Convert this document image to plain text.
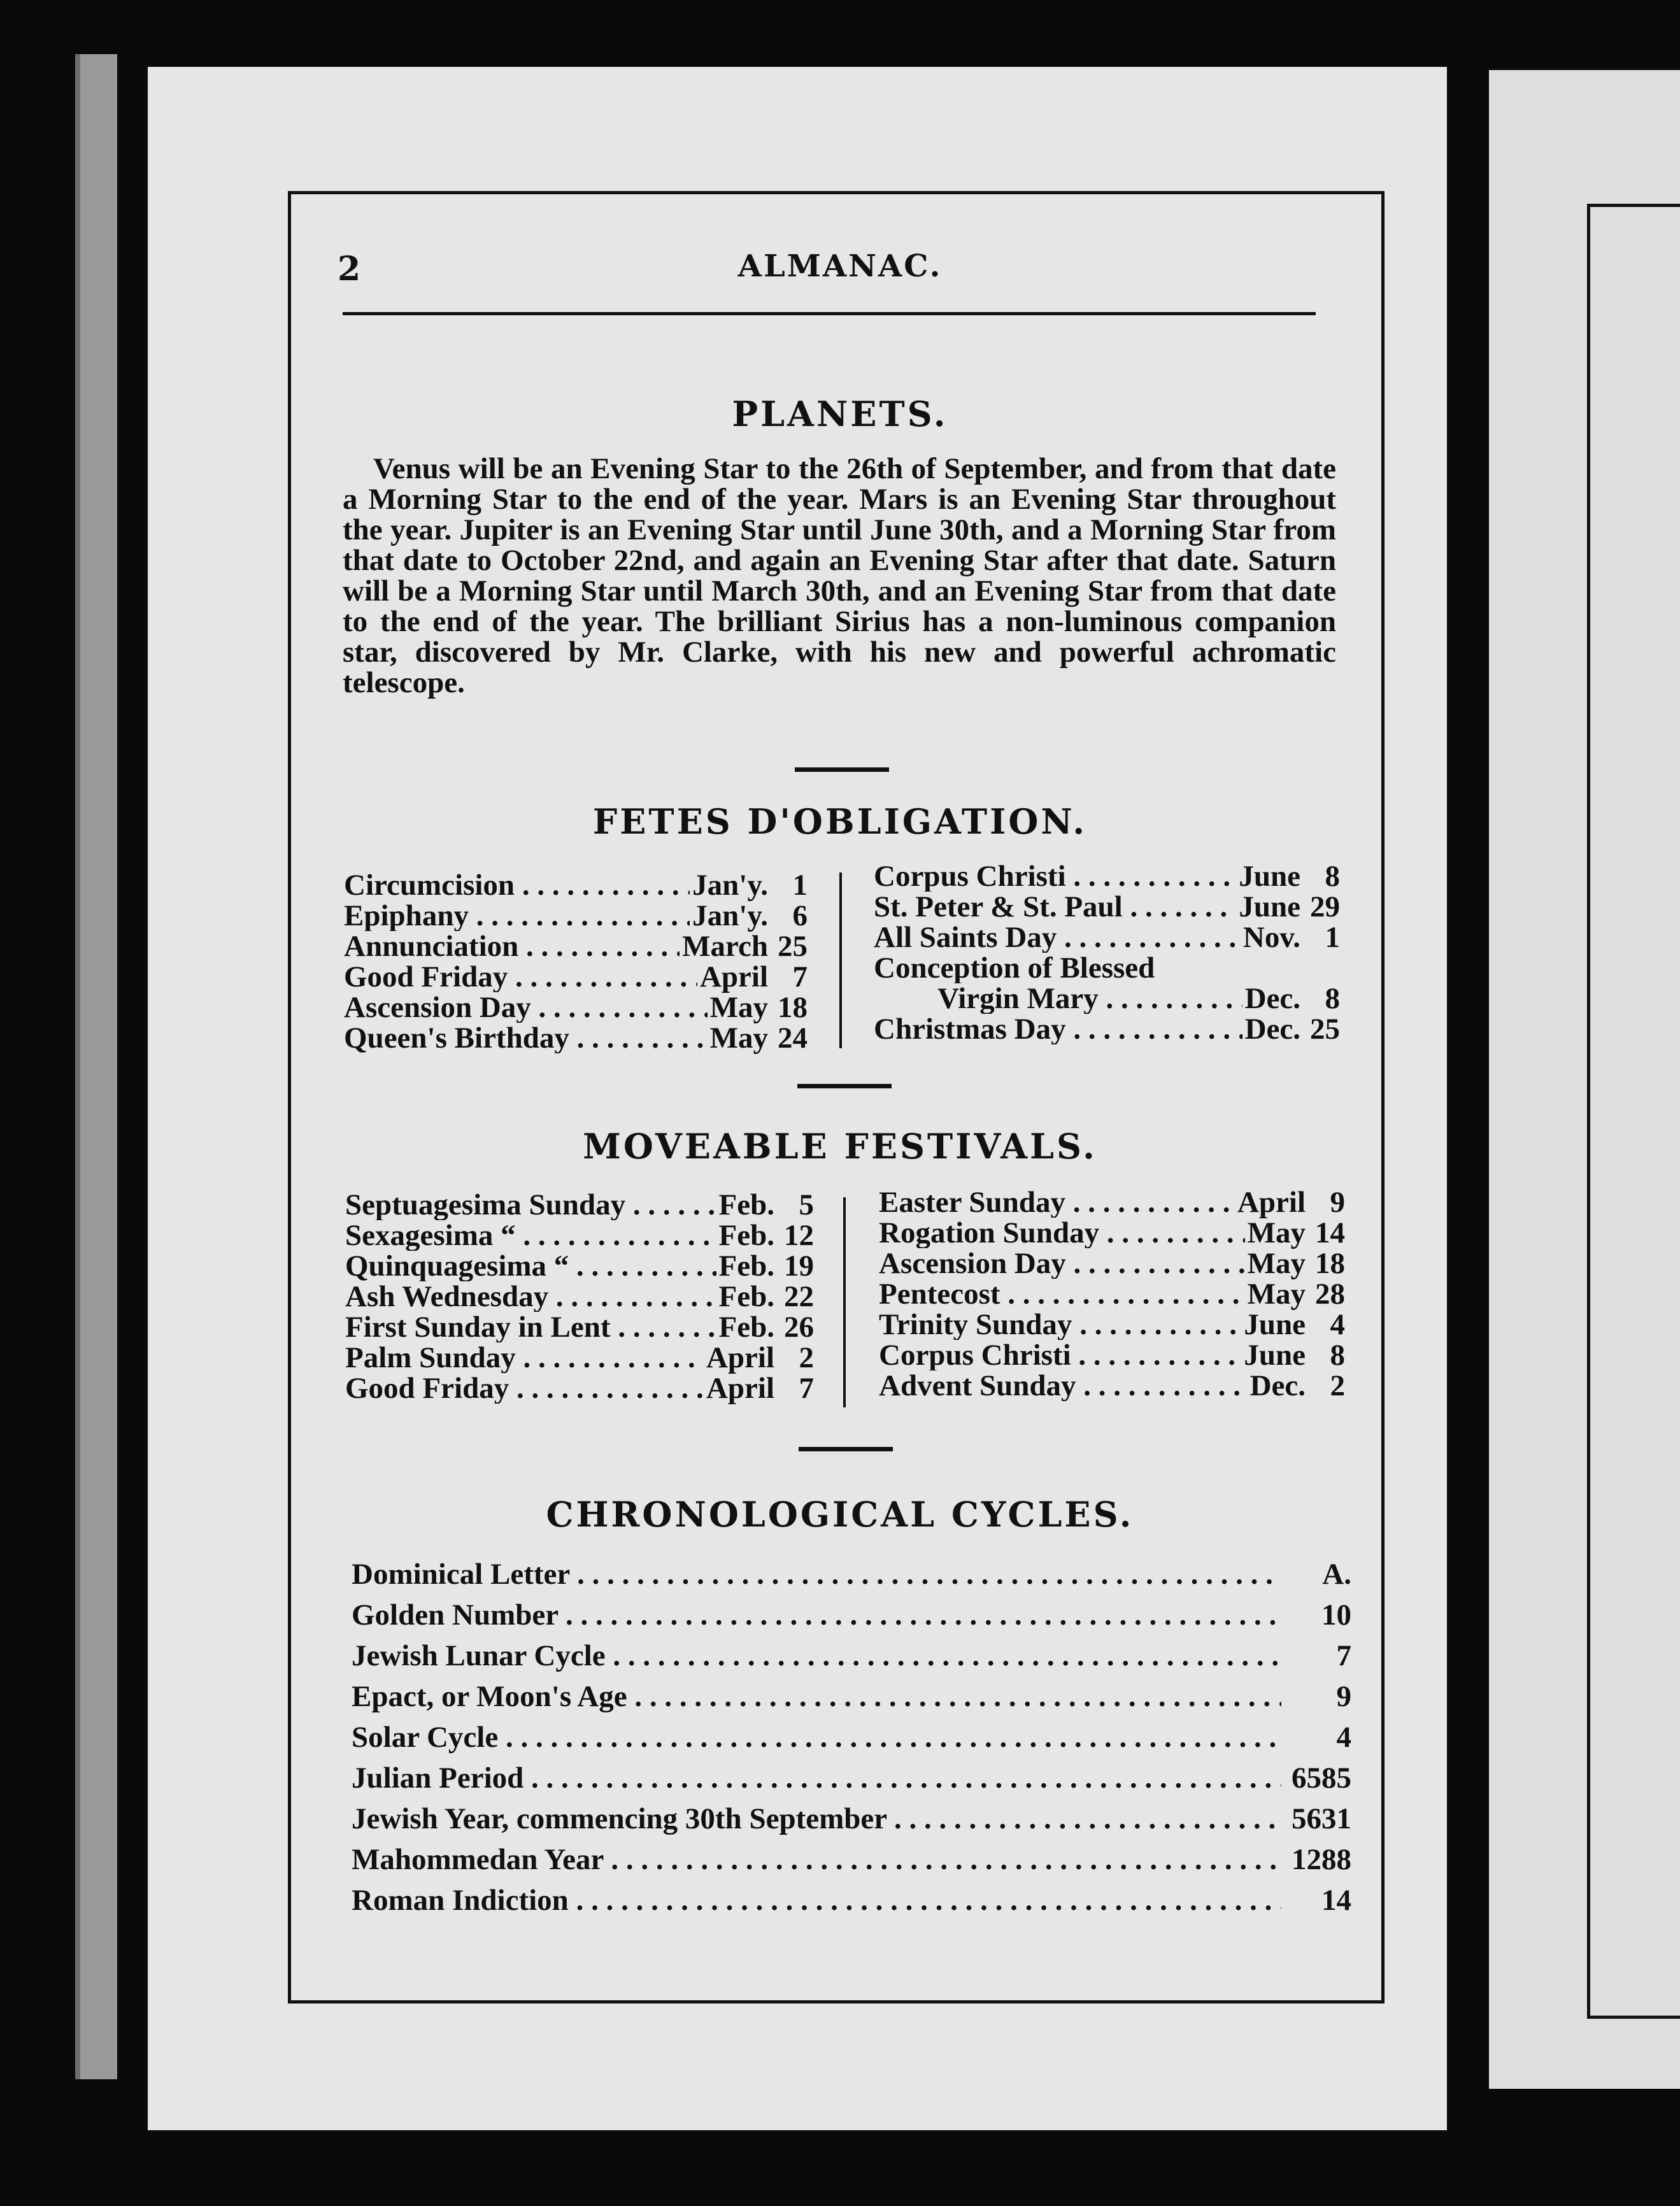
2	ALMANAC.
PLANETS.
Venus will be an Evening Star to the 26th of September, and from that date a Morning Star to the end of the year. Mars is an Evening Star throughout the year. Jupiter is an Evening Star until June 30th, and a Morning Star from that date to October 22nd, and again an Evening Star after that date. Saturn will be a Morning Star until March 30th, and an Evening Star from that date to the end of the year. The brilliant Sirius has a non-luminous companion star, discovered by Mr. Clarke, with his new and powerful achromatic telescope.
FETES D'OBLIGATION.
Circumcision . . .	Jan'y. 1
Epiphany . . .	Jan'y. 6
Annunciation . . .	March 25
Good Friday . . .	April 7
Ascension Day . . .	May 18
Queen's Birthday . . .	May 24
Corpus Christi . . .	June 8
St. Peter & St. Paul . . .	June 29
All Saints Day . . .	Nov. 1
Conception of Blessed
Virgin Mary . . .	Dec. 8
Christmas Day . . .	Dec. 25
MOVEABLE FESTIVALS.
Septuagesima Sunday . . .	Feb. 5
Sexagesima “ . . .	Feb. 12
Quinquagesima “ . . .	Feb. 19
Ash Wednesday . . .	Feb. 22
First Sunday in Lent . . .	Feb. 26
Palm Sunday . . .	April 2
Good Friday . . .	April 7
Easter Sunday . . .	April 9
Rogation Sunday . . .	May 14
Ascension Day . . .	May 18
Pentecost . . .	May 28
Trinity Sunday . . .	June 4
Corpus Christi . . .	June 8
Advent Sunday . . .	Dec. 2
CHRONOLOGICAL CYCLES.
Dominical Letter . . .	A.
Golden Number . . .	10
Jewish Lunar Cycle . . .	7
Epact, or Moon's Age . . .	9
Solar Cycle . . .	4
Julian Period . . .	6585
Jewish Year, commencing 30th September . . .	5631
Mahommedan Year . . .	1288
Roman Indiction . . .	14
